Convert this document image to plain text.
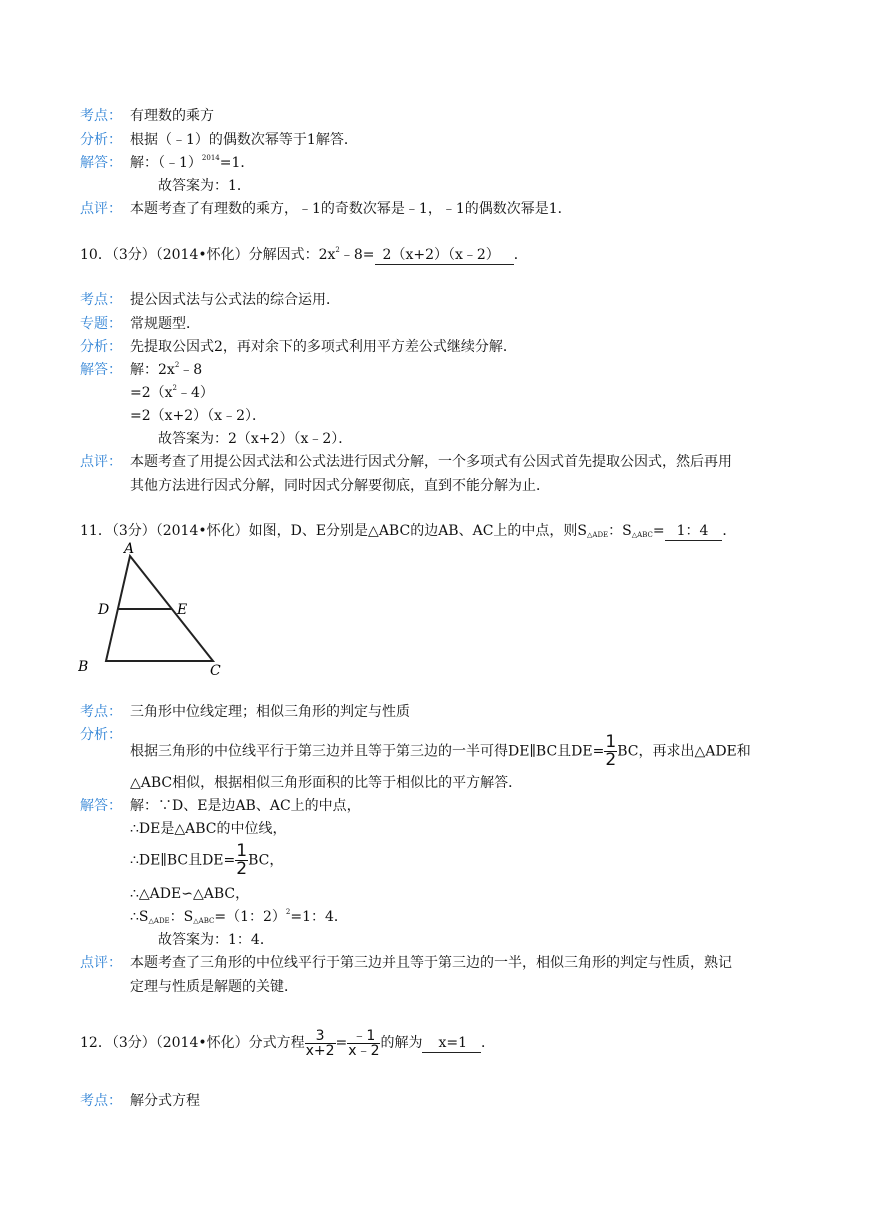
考点： 有理数的乘方
分析： 根据（﹣1）的偶数次幂等于1解答．
解答： 解：（﹣1）$^{2014}$=1．
故答案为：1．
点评： 本题考查了有理数的乘方，﹣1的奇数次幂是﹣1，﹣1的偶数次幂是1．
10．（3分）（2014•怀化）分解因式：$2x^2﹣8=$ 2（x+2）（x﹣2） ．
考点： 提公因式法与公式法的综合运用．
专题： 常规题型．
分析： 先提取公因式2，再对余下的多项式利用平方差公式继续分解．
解答： 解：$2x^2﹣8$
$=2(x^2﹣4)$
=2（x+2）（x﹣2）．
故答案为：2（x+2）（x﹣2）．
点评： 本题考查了用提公因式法和公式法进行因式分解，一个多项式有公因式首先提取公因式，然后再用
其他方法进行因式分解，同时因式分解要彻底，直到不能分解为止．
11．（3分）（2014•怀化）如图，D、E分别是△ABC的边AB、AC上的中点，则$S_{\triangle ADE}$：$S_{\triangle ABC}= 1$：4 ．
A
D	E
B	C
考点： 三角形中位线定理；相似三角形的判定与性质
分析：
根据三角形的中位线平行于第三边并且等于第三边的一半可得DE∥BC且$DE= \frac{1}{2}$ BC，再求出△ADE和
△ABC相似，根据相似三角形面积的比等于相似比的平方解答．
解答： 解：∵D、E是边AB、AC上的中点，
∴DE是△ABC的中位线，
∴DE∥BC且$DE= \frac{1}{2}$ BC，
∴△ADE∽△ABC，
$\therefore S_{\triangle ADE}$：$S_{\triangle ABC}=(1$：2）$^2$=1：4．
故答案为：1：4．
点评： 本题考查了三角形的中位线平行于第三边并且等于第三边的一半，相似三角形的判定与性质，熟记
定理与性质是解题的关键．
12．（3分）（2014•怀化）分式方程 $\frac{3}{x+2} = \frac{﹣1}{x﹣2}$ 的解为 x=1 ．
考点： 解分式方程
